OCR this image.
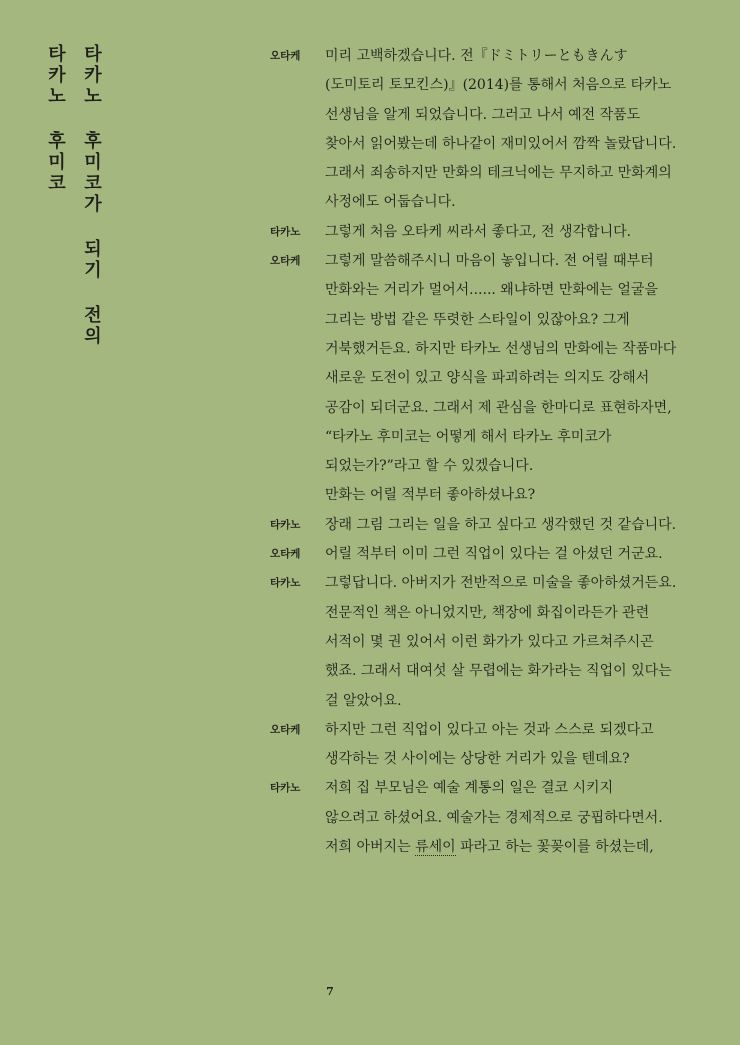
타카노 후미코가 되기 전의
타카노 후미코	오타케	미리 고백하겠습니다. 전『ドミトリーともきんす
(도미토리 토모킨스)』(2014)를 통해서 처음으로 타카노
선생님을 알게 되었습니다. 그러고 나서 예전 작품도
찾아서 읽어봤는데 하나같이 재미있어서 깜짝 놀랐답니다.
그래서 죄송하지만 만화의 테크닉에는 무지하고 만화계의
사정에도 어둡습니다.
타카노	그렇게 처음 오타케 씨라서 좋다고, 전 생각합니다.
오타케	그렇게 말씀해주시니 마음이 놓입니다. 전 어릴 때부터
만화와는 거리가 멀어서...... 왜냐하면 만화에는 얼굴을
그리는 방법 같은 뚜렷한 스타일이 있잖아요? 그게
거북했거든요. 하지만 타카노 선생님의 만화에는 작품마다
새로운 도전이 있고 양식을 파괴하려는 의지도 강해서
공감이 되더군요. 그래서 제 관심을 한마디로 표현하자면,
“타카노 후미코는 어떻게 해서 타카노 후미코가
되었는가?”라고 할 수 있겠습니다.
만화는 어릴 적부터 좋아하셨나요?
타카노	장래 그림 그리는 일을 하고 싶다고 생각했던 것 같습니다.
오타케	어릴 적부터 이미 그런 직업이 있다는 걸 아셨던 거군요.
타카노	그렇답니다. 아버지가 전반적으로 미술을 좋아하셨거든요.
전문적인 책은 아니었지만, 책장에 화집이라든가 관련
서적이 몇 권 있어서 이런 화가가 있다고 가르쳐주시곤
했죠. 그래서 대여섯 살 무렵에는 화가라는 직업이 있다는
걸 알았어요.
오타케	하지만 그런 직업이 있다고 아는 것과 스스로 되겠다고
생각하는 것 사이에는 상당한 거리가 있을 텐데요?
타카노	저희 집 부모님은 예술 계통의 일은 결코 시키지
않으려고 하셨어요. 예술가는 경제적으로 궁핍하다면서.
저희 아버지는 류세이 파라고 하는 꽃꽂이를 하셨는데,
7
